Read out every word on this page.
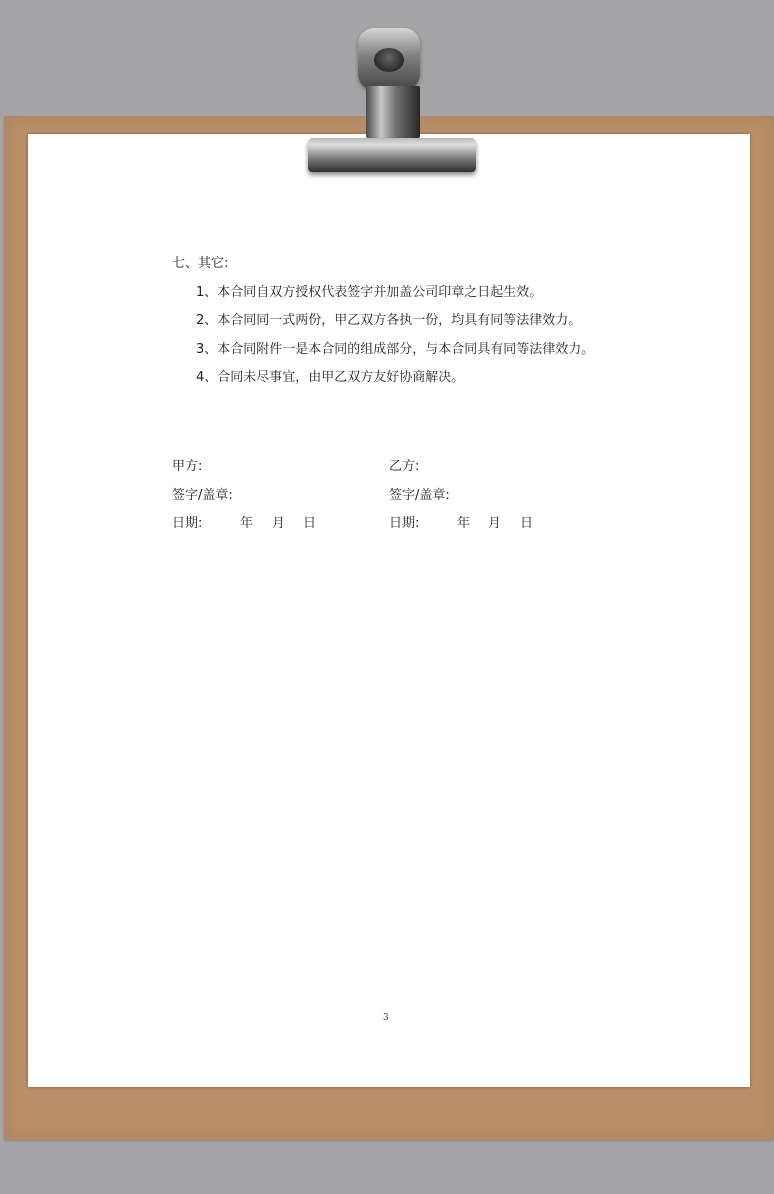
七、其它:
1、本合同自双方授权代表签字并加盖公司印章之日起生效。
2、本合同同一式两份，甲乙双方各执一份，均具有同等法律效力。
3、本合同附件一是本合同的组成部分，与本合同具有同等法律效力。
4、合同未尽事宜，由甲乙双方友好协商解决。
甲方:
签字/盖章:
日期:	年 月 日
乙方:
签字/盖章:
日期:	年 月 日
3
